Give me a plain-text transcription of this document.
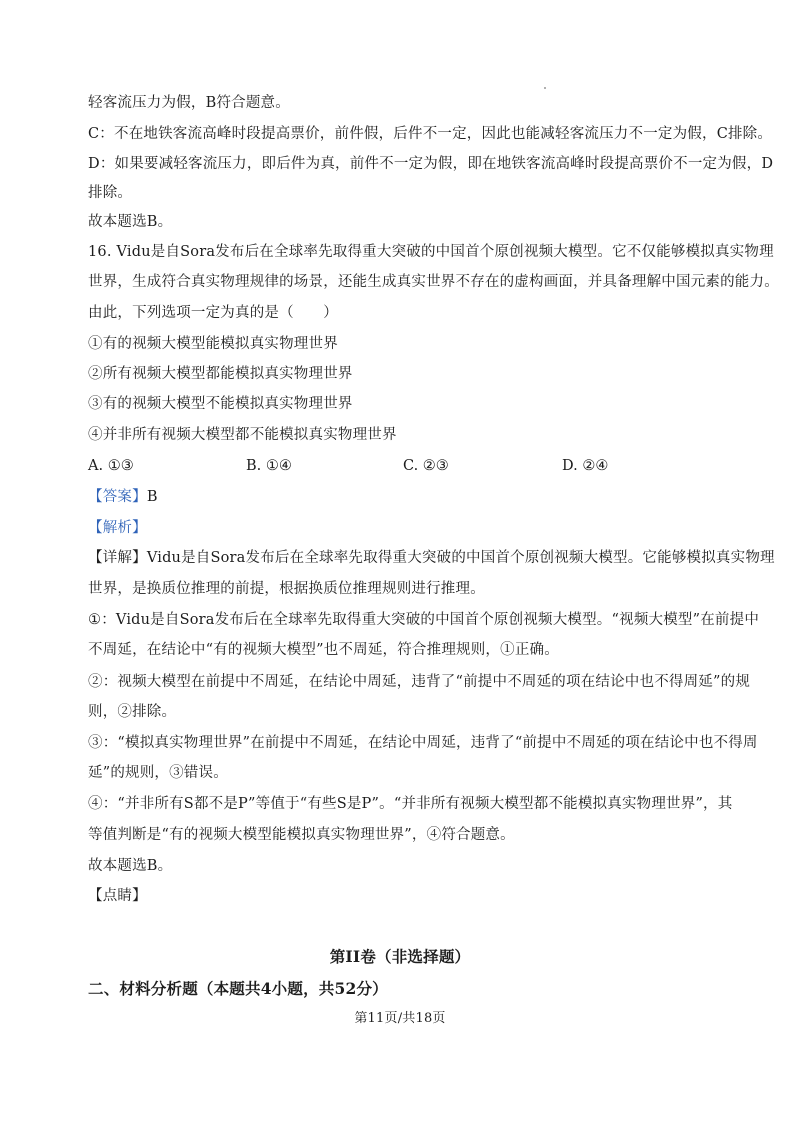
轻客流压力为假，B符合题意。
C：不在地铁客流高峰时段提高票价，前件假，后件不一定，因此也能减轻客流压力不一定为假，C排除。
D：如果要减轻客流压力，即后件为真，前件不一定为假，即在地铁客流高峰时段提高票价不一定为假，D
排除。
故本题选B。
16. Vidu是自Sora发布后在全球率先取得重大突破的中国首个原创视频大模型。它不仅能够模拟真实物理
世界，生成符合真实物理规律的场景，还能生成真实世界不存在的虚构画面，并具备理解中国元素的能力。
由此，下列选项一定为真的是（　　）
①有的视频大模型能模拟真实物理世界
②所有视频大模型都能模拟真实物理世界
③有的视频大模型不能模拟真实物理世界
④并非所有视频大模型都不能模拟真实物理世界
A. ①③	B. ①④	C. ②③	D. ②④
【答案】B
【解析】
【详解】Vidu是自Sora发布后在全球率先取得重大突破的中国首个原创视频大模型。它能够模拟真实物理
世界，是换质位推理的前提，根据换质位推理规则进行推理。
①：Vidu是自Sora发布后在全球率先取得重大突破的中国首个原创视频大模型。“视频大模型”在前提中
不周延，在结论中“有的视频大模型”也不周延，符合推理规则，①正确。
②：视频大模型在前提中不周延，在结论中周延，违背了“前提中不周延的项在结论中也不得周延”的规
则，②排除。
③：“模拟真实物理世界”在前提中不周延，在结论中周延，违背了“前提中不周延的项在结论中也不得周
延”的规则，③错误。
④：“并非所有S都不是P”等值于“有些S是P”。“并非所有视频大模型都不能模拟真实物理世界”，其
等值判断是“有的视频大模型能模拟真实物理世界”，④符合题意。
故本题选B。
【点睛】
第II卷（非选择题）
二、材料分析题（本题共4小题，共52分）
第11页/共18页
